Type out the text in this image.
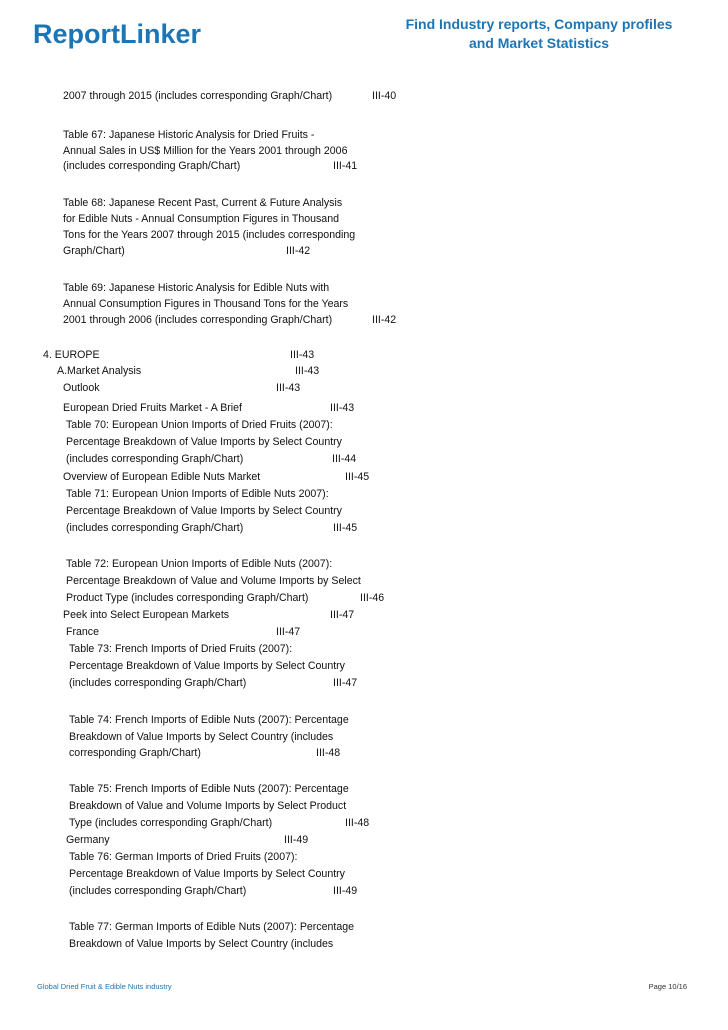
ReportLinker	Find Industry reports, Company profiles
and Market Statistics
2007 through 2015 (includes corresponding Graph/Chart)	III-40
Table 67: Japanese Historic Analysis for Dried Fruits -
Annual Sales in US$ Million for the Years 2001 through 2006
(includes corresponding Graph/Chart)	III-41
Table 68: Japanese Recent Past, Current & Future Analysis
for Edible Nuts - Annual Consumption Figures in Thousand
Tons for the Years 2007 through 2015 (includes corresponding
Graph/Chart)	III-42
Table 69: Japanese Historic Analysis for Edible Nuts with
Annual Consumption Figures in Thousand Tons for the Years
2001 through 2006 (includes corresponding Graph/Chart)	III-42
4. EUROPE	III-43
A.Market Analysis	III-43
Outlook	III-43
European Dried Fruits Market - A Brief	III-43
Table 70: European Union Imports of Dried Fruits (2007):
Percentage Breakdown of Value Imports by Select Country
(includes corresponding Graph/Chart)	III-44
Overview of European Edible Nuts Market	III-45
Table 71: European Union Imports of Edible Nuts 2007):
Percentage Breakdown of Value Imports by Select Country
(includes corresponding Graph/Chart)	III-45
Table 72: European Union Imports of Edible Nuts (2007):
Percentage Breakdown of Value and Volume Imports by Select
Product Type (includes corresponding Graph/Chart)	III-46
Peek into Select European Markets	III-47
France	III-47
Table 73: French Imports of Dried Fruits (2007):
Percentage Breakdown of Value Imports by Select Country
(includes corresponding Graph/Chart)	III-47
Table 74: French Imports of Edible Nuts (2007): Percentage
Breakdown of Value Imports by Select Country (includes
corresponding Graph/Chart)	III-48
Table 75: French Imports of Edible Nuts (2007): Percentage
Breakdown of Value and Volume Imports by Select Product
Type (includes corresponding Graph/Chart)	III-48
Germany	III-49
Table 76: German Imports of Dried Fruits (2007):
Percentage Breakdown of Value Imports by Select Country
(includes corresponding Graph/Chart)	III-49
Table 77: German Imports of Edible Nuts (2007): Percentage
Breakdown of Value Imports by Select Country (includes
Global Dried Fruit & Edible Nuts industry	Page 10/16
